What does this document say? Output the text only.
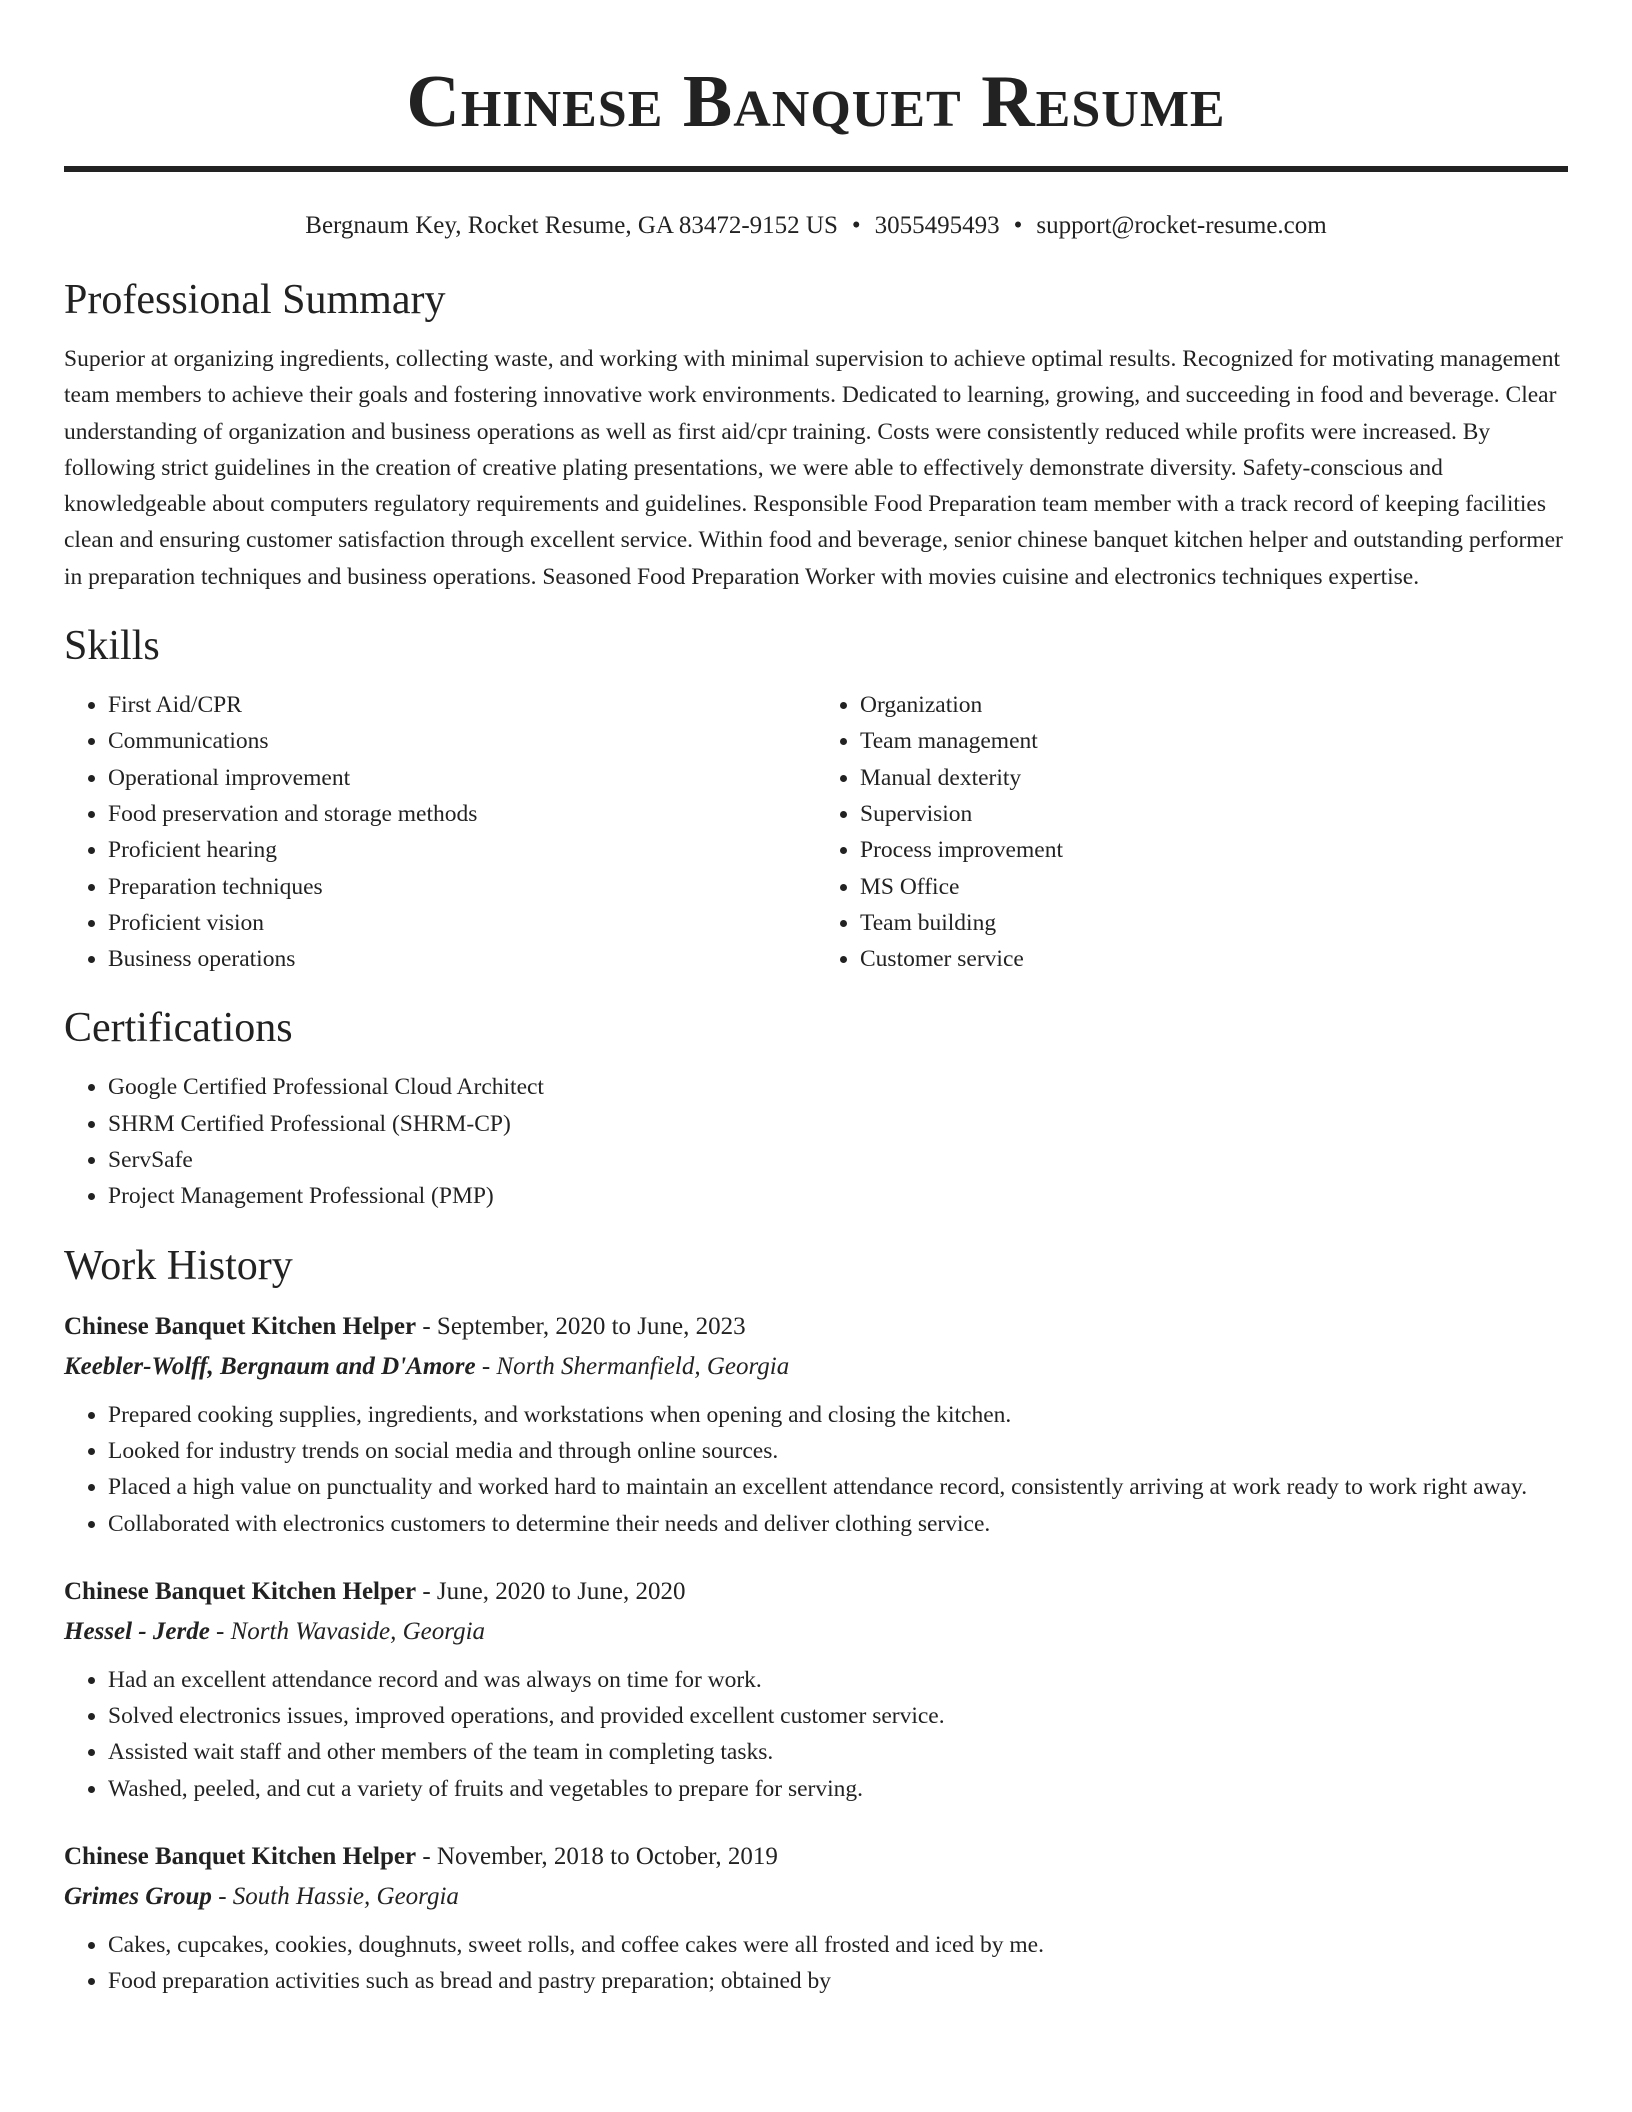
Chinese Banquet Resume
Bergnaum Key, Rocket Resume, GA 83472-9152 US • 3055495493 • support@rocket-resume.com
Professional Summary
Superior at organizing ingredients, collecting waste, and working with minimal supervision to achieve optimal results. Recognized for motivating management team members to achieve their goals and fostering innovative work environments. Dedicated to learning, growing, and succeeding in food and beverage. Clear understanding of organization and business operations as well as first aid/cpr training. Costs were consistently reduced while profits were increased. By following strict guidelines in the creation of creative plating presentations, we were able to effectively demonstrate diversity. Safety-conscious and knowledgeable about computers regulatory requirements and guidelines. Responsible Food Preparation team member with a track record of keeping facilities clean and ensuring customer satisfaction through excellent service. Within food and beverage, senior chinese banquet kitchen helper and outstanding performer in preparation techniques and business operations. Seasoned Food Preparation Worker with movies cuisine and electronics techniques expertise.
Skills
• First Aid/CPR
• Communications
• Operational improvement
• Food preservation and storage methods
• Proficient hearing
• Preparation techniques
• Proficient vision
• Business operations
• Organization
• Team management
• Manual dexterity
• Supervision
• Process improvement
• MS Office
• Team building
• Customer service
Certifications
• Google Certified Professional Cloud Architect
• SHRM Certified Professional (SHRM-CP)
• ServSafe
• Project Management Professional (PMP)
Work History
Chinese Banquet Kitchen Helper - September, 2020 to June, 2023
Keebler-Wolff, Bergnaum and D'Amore - North Shermanfield, Georgia
• Prepared cooking supplies, ingredients, and workstations when opening and closing the kitchen.
• Looked for industry trends on social media and through online sources.
• Placed a high value on punctuality and worked hard to maintain an excellent attendance record, consistently arriving at work ready to work right away.
• Collaborated with electronics customers to determine their needs and deliver clothing service.
Chinese Banquet Kitchen Helper - June, 2020 to June, 2020
Hessel - Jerde - North Wavaside, Georgia
• Had an excellent attendance record and was always on time for work.
• Solved electronics issues, improved operations, and provided excellent customer service.
• Assisted wait staff and other members of the team in completing tasks.
• Washed, peeled, and cut a variety of fruits and vegetables to prepare for serving.
Chinese Banquet Kitchen Helper - November, 2018 to October, 2019
Grimes Group - South Hassie, Georgia
• Cakes, cupcakes, cookies, doughnuts, sweet rolls, and coffee cakes were all frosted and iced by me.
• Food preparation activities such as bread and pastry preparation; obtained by
